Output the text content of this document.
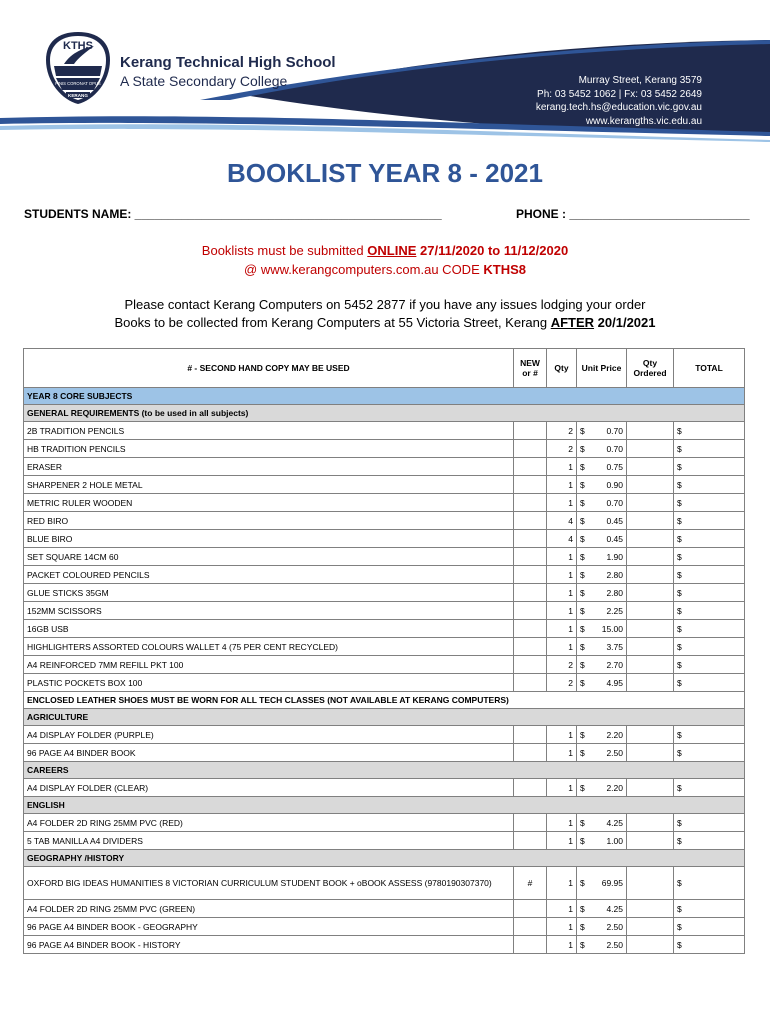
KTHS
FINIS CORONAT OPUS
KERANG
Kerang Technical High School
A State Secondary College	Murray Street, Kerang 3579
Ph: 03 5452 1062 | Fx: 03 5452 2649
kerang.tech.hs@education.vic.gov.au
www.kerangths.vic.edu.au
BOOKLIST YEAR 8 - 2021
STUDENTS NAME: ______________________________________________	PHONE : ___________________________
Booklists must be submitted ONLINE 27/11/2020 to 11/12/2020
@ www.kerangcomputers.com.au CODE KTHS8
Please contact Kerang Computers on 5452 2877 if you have any issues lodging your order
Books to be collected from Kerang Computers at 55 Victoria Street, Kerang AFTER 20/1/2021
# - SECOND HAND COPY MAY BE USED	NEW or #	Qty	Unit Price	Qty Ordered	TOTAL
YEAR 8 CORE SUBJECTS					
GENERAL REQUIREMENTS (to be used in all subjects)					
2B TRADITION PENCILS		2	$ 0.70		$
HB TRADITION PENCILS		2	$ 0.70		$
ERASER		1	$ 0.75		$
SHARPENER 2 HOLE METAL		1	$ 0.90		$
METRIC RULER WOODEN		1	$ 0.70		$
RED BIRO		4	$ 0.45		$
BLUE BIRO		4	$ 0.45		$
SET SQUARE 14CM 60		1	$ 1.90		$
PACKET COLOURED PENCILS		1	$ 2.80		$
GLUE STICKS 35GM		1	$ 2.80		$
152MM SCISSORS		1	$ 2.25		$
16GB USB		1	$ 15.00		$
HIGHLIGHTERS ASSORTED COLOURS WALLET 4 (75 PER CENT RECYCLED)		1	$ 3.75		$
A4 REINFORCED 7MM REFILL PKT 100		2	$ 2.70		$
PLASTIC POCKETS BOX 100		2	$ 4.95		$
ENCLOSED LEATHER SHOES MUST BE WORN FOR ALL TECH CLASSES (NOT AVAILABLE AT KERANG COMPUTERS)					
AGRICULTURE					
A4 DISPLAY FOLDER (PURPLE)		1	$ 2.20		$
96 PAGE A4 BINDER BOOK		1	$ 2.50		$
CAREERS					
A4 DISPLAY FOLDER (CLEAR)		1	$ 2.20		$
ENGLISH					
A4 FOLDER 2D RING 25MM PVC (RED)		1	$ 4.25		$
5 TAB MANILLA A4 DIVIDERS		1	$ 1.00		$
GEOGRAPHY /HISTORY					
OXFORD BIG IDEAS HUMANITIES 8 VICTORIAN CURRICULUM STUDENT BOOK + oBOOK ASSESS (9780190307370)	#	1	$ 69.95		$
A4 FOLDER 2D RING 25MM PVC (GREEN)		1	$ 4.25		$
96 PAGE A4 BINDER BOOK - GEOGRAPHY		1	$ 2.50		$
96 PAGE A4 BINDER BOOK - HISTORY		1	$ 2.50		$
